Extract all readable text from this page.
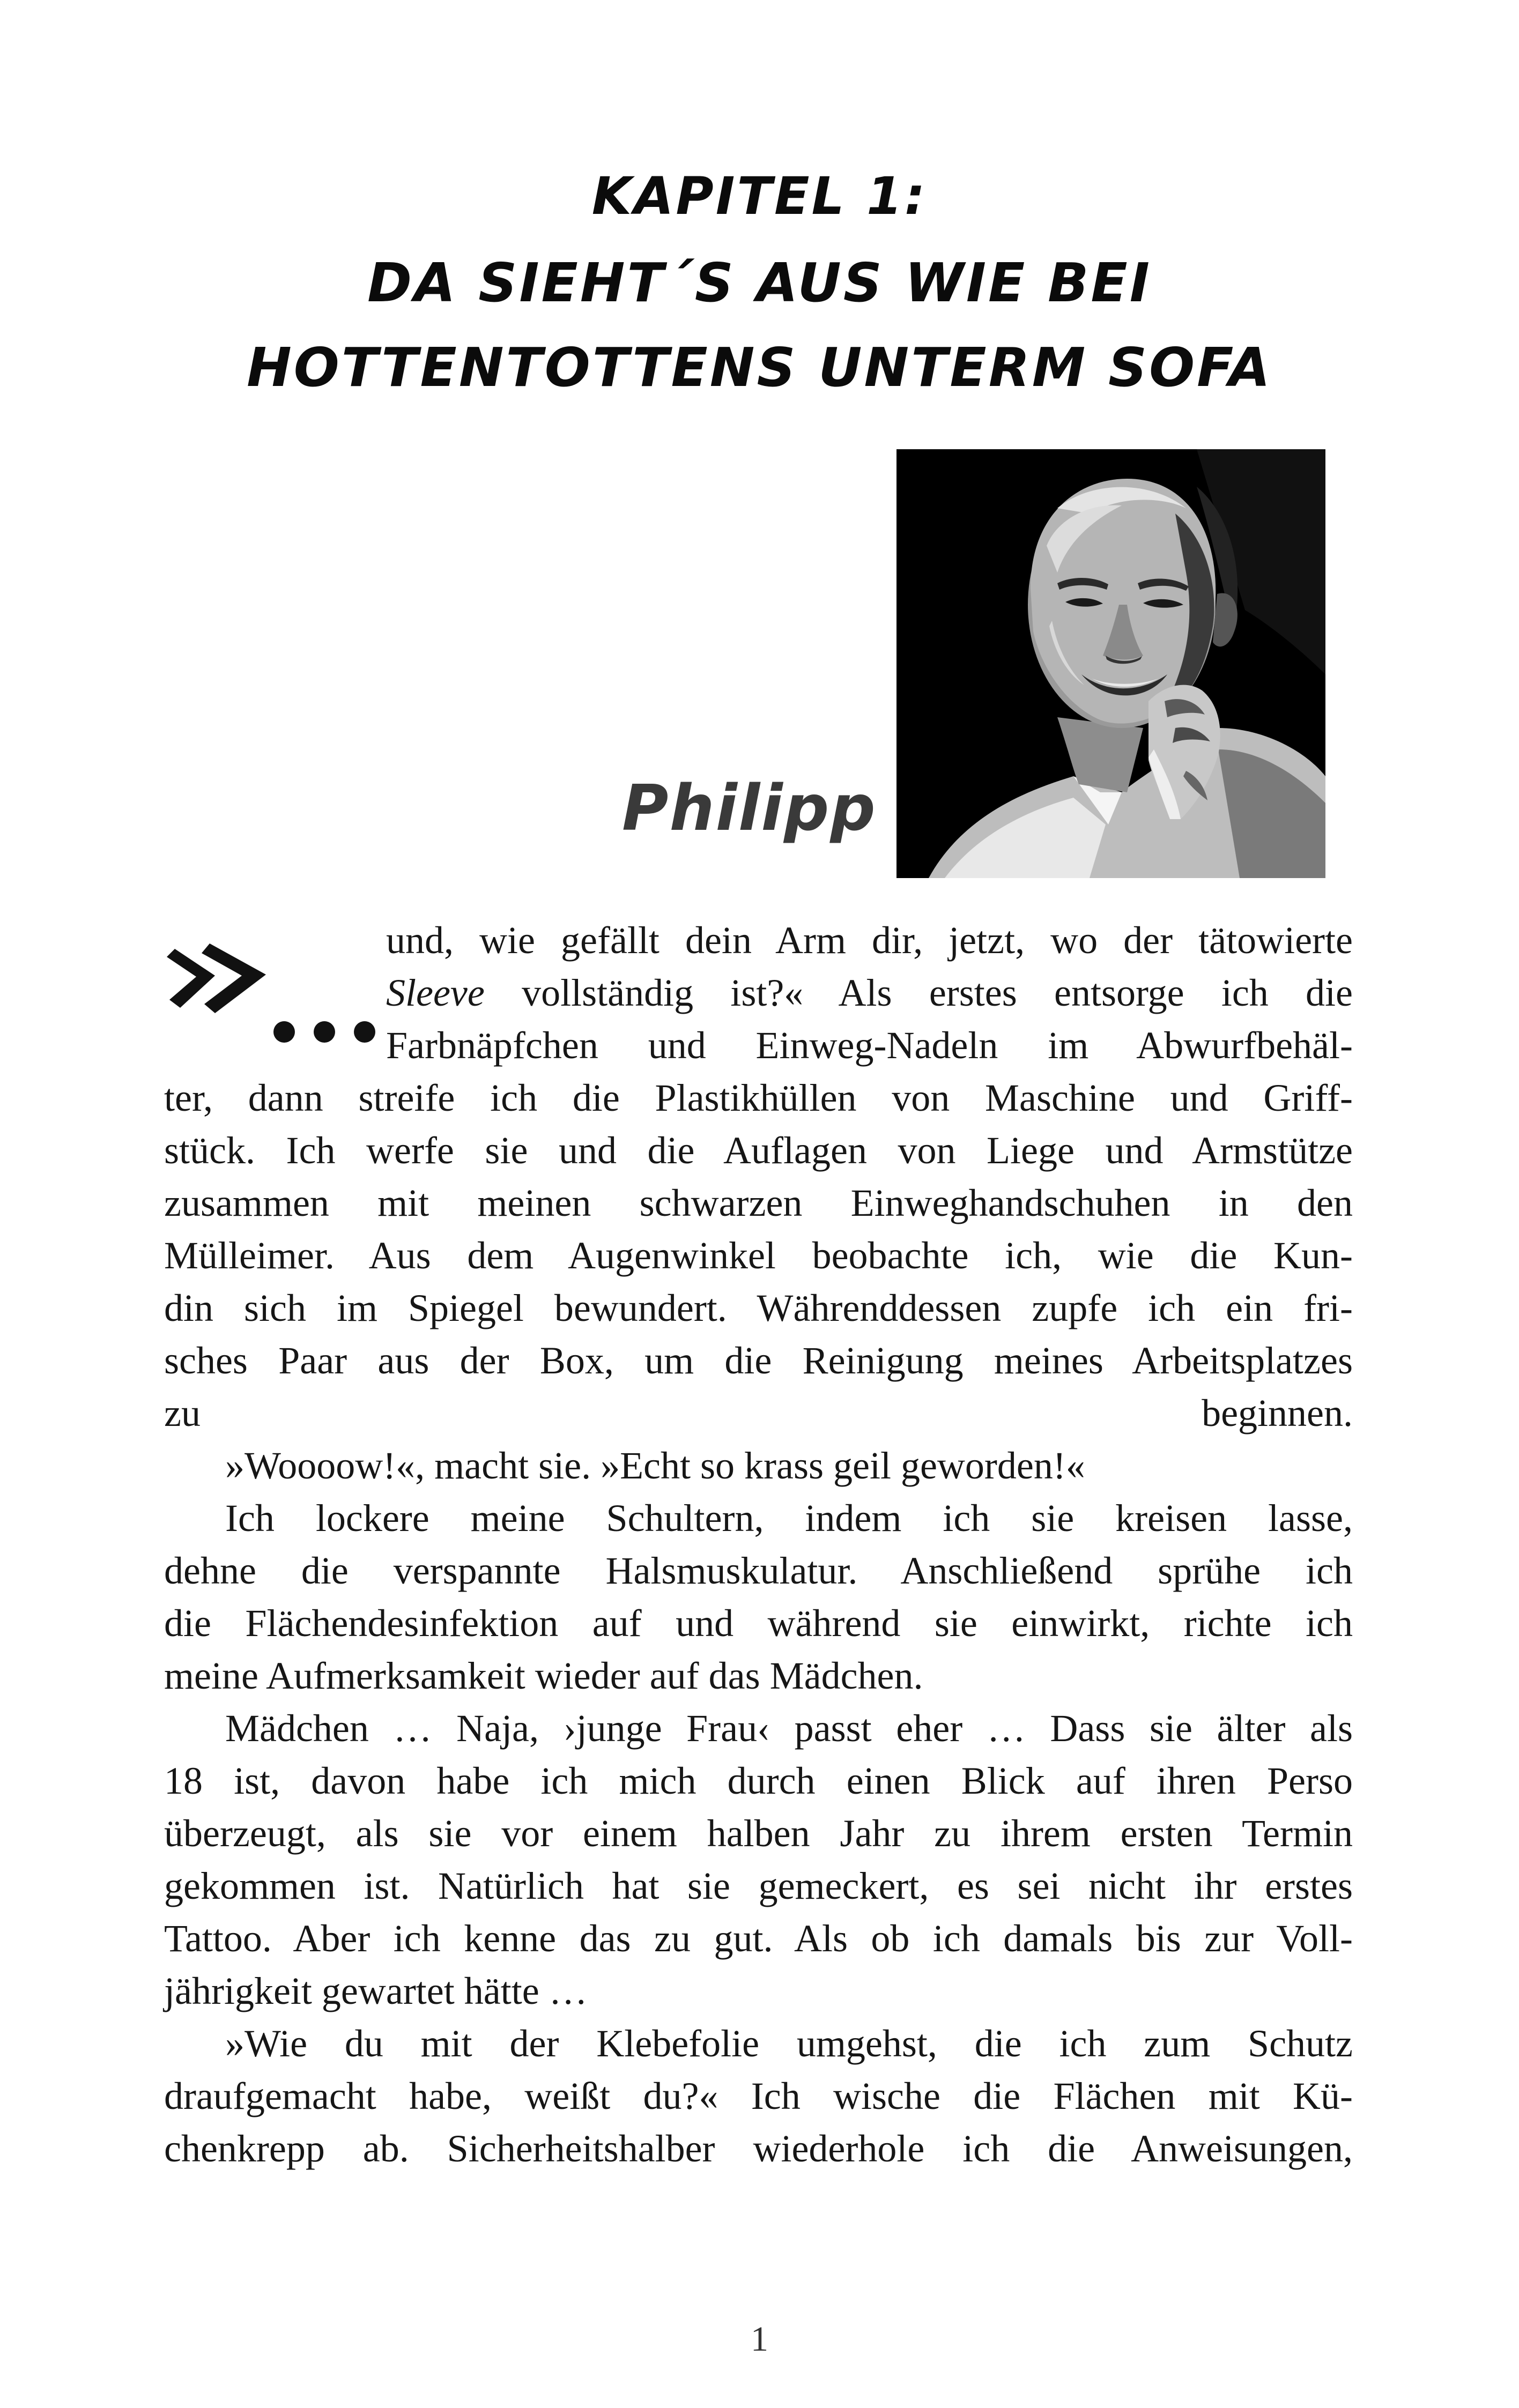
KAPITEL 1:
DA SIEHT´S AUS WIE BEI
HOTTENTOTTENS UNTERM SOFA
Philipp
und, wie gefällt dein Arm dir, jetzt, wo der tätowierte
Sleeve vollständig ist?« Als erstes entsorge ich die
Farbnäpfchen und Einweg-Nadeln im Abwurfbehäl-
ter, dann streife ich die Plastikhüllen von Maschine und Griff-
stück. Ich werfe sie und die Auflagen von Liege und Armstütze
zusammen mit meinen schwarzen Einweghandschuhen in den
Mülleimer. Aus dem Augenwinkel beobachte ich, wie die Kun-
din sich im Spiegel bewundert. Währenddessen zupfe ich ein fri-
sches Paar aus der Box, um die Reinigung meines Arbeitsplatzes
zu beginnen.
»Woooow!«, macht sie. »Echt so krass geil geworden!«
Ich lockere meine Schultern, indem ich sie kreisen lasse,
dehne die verspannte Halsmuskulatur. Anschließend sprühe ich
die Flächendesinfektion auf und während sie einwirkt, richte ich
meine Aufmerksamkeit wieder auf das Mädchen.
Mädchen … Naja, ›junge Frau‹ passt eher … Dass sie älter als
18 ist, davon habe ich mich durch einen Blick auf ihren Perso
überzeugt, als sie vor einem halben Jahr zu ihrem ersten Termin
gekommen ist. Natürlich hat sie gemeckert, es sei nicht ihr erstes
Tattoo. Aber ich kenne das zu gut. Als ob ich damals bis zur Voll-
jährigkeit gewartet hätte …
»Wie du mit der Klebefolie umgehst, die ich zum Schutz
draufgemacht habe, weißt du?« Ich wische die Flächen mit Kü-
chenkrepp ab. Sicherheitshalber wiederhole ich die Anweisungen,
1
